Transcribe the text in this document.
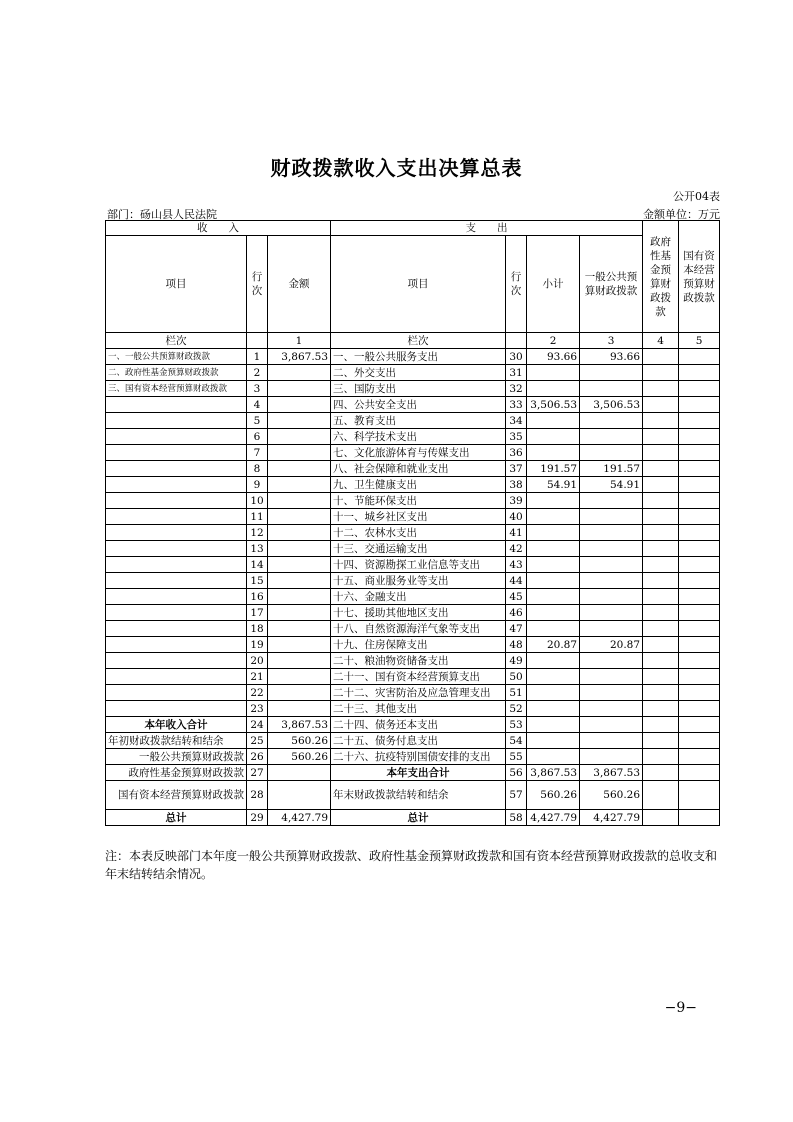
财政拨款收入支出决算总表
公开04表
部门：砀山县人民法院	金额单位：万元
收　　入			支　　出				政府性基金预算财政拨款	国有资本经营预算财政拨款
项目	行次	金额	项目	行次	小计	一般公共预算财政拨款		
栏次		1	栏次		2	3	4	5
一、一般公共预算财政拨款	1	3,867.53	一、一般公共服务支出	30	93.66	93.66		
二、政府性基金预算财政拨款	2		二、外交支出	31				
三、国有资本经营预算财政拨款	3		三、国防支出	32				
	4		四、公共安全支出	33	3,506.53	3,506.53		
	5		五、教育支出	34				
	6		六、科学技术支出	35				
	7		七、文化旅游体育与传媒支出	36				
	8		八、社会保障和就业支出	37	191.57	191.57		
	9		九、卫生健康支出	38	54.91	54.91		
	10		十、节能环保支出	39				
	11		十一、城乡社区支出	40				
	12		十二、农林水支出	41				
	13		十三、交通运输支出	42				
	14		十四、资源勘探工业信息等支出	43				
	15		十五、商业服务业等支出	44				
	16		十六、金融支出	45				
	17		十七、援助其他地区支出	46				
	18		十八、自然资源海洋气象等支出	47				
	19		十九、住房保障支出	48	20.87	20.87		
	20		二十、粮油物资储备支出	49				
	21		二十一、国有资本经营预算支出	50				
	22		二十二、灾害防治及应急管理支出	51				
	23		二十三、其他支出	52				
本年收入合计	24	3,867.53	二十四、债务还本支出	53				
年初财政拨款结转和结余	25	560.26	二十五、债务付息支出	54				
一般公共预算财政拨款	26	560.26	二十六、抗疫特别国债安排的支出	55				
政府性基金预算财政拨款	27		本年支出合计	56	3,867.53	3,867.53		
国有资本经营预算财政拨款	28		年末财政拨款结转和结余	57	560.26	560.26		
总计	29	4,427.79	总计	58	4,427.79	4,427.79		
注：本表反映部门本年度一般公共预算财政拨款、政府性基金预算财政拨款和国有资本经营预算财政拨款的总收支和年末结转结余情况。
−9−
